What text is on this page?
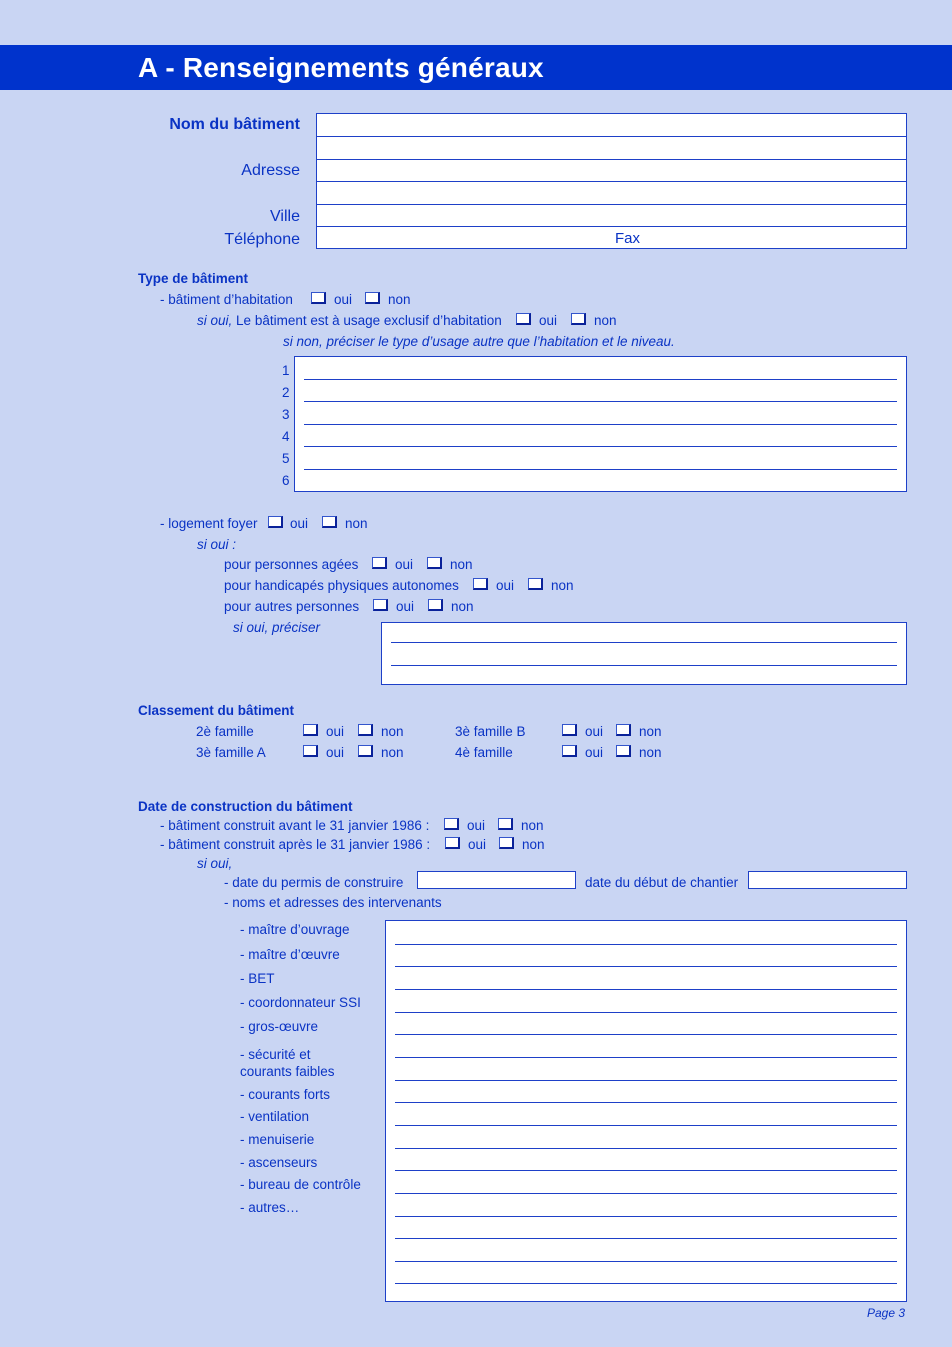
A - Renseignements généraux
Nom du bâtiment
Adresse
Ville
Téléphone	Fax
Type de bâtiment
- bâtiment d’habitation	oui	non
si oui, Le bâtiment est à usage exclusif d’habitation	oui	non
si non, préciser le type d’usage autre que l’habitation et le niveau.
1
2
3
4
5
6
- logement foyer oui	non
si oui :
pour personnes agées	oui	non
pour handicapés physiques autonomes	oui	non
pour autres personnes	oui	non
si oui, préciser
Classement du bâtiment
2è famille	oui	non	3è famille B	oui	non
3è famille A	oui	non	4è famille	oui	non
Date de construction du bâtiment
- bâtiment construit avant le 31 janvier 1986 :	oui	non
- bâtiment construit après le 31 janvier 1986 :	oui	non
si oui,
- date du permis de construire	date du début de chantier
- noms et adresses des intervenants
- maître d’ouvrage
- maître d’œuvre
- BET
- coordonnateur SSI
- gros-œuvre
- sécurité et
courants faibles
- courants forts
- ventilation
- menuiserie
- ascenseurs
- bureau de contrôle
- autres…
Page 3
